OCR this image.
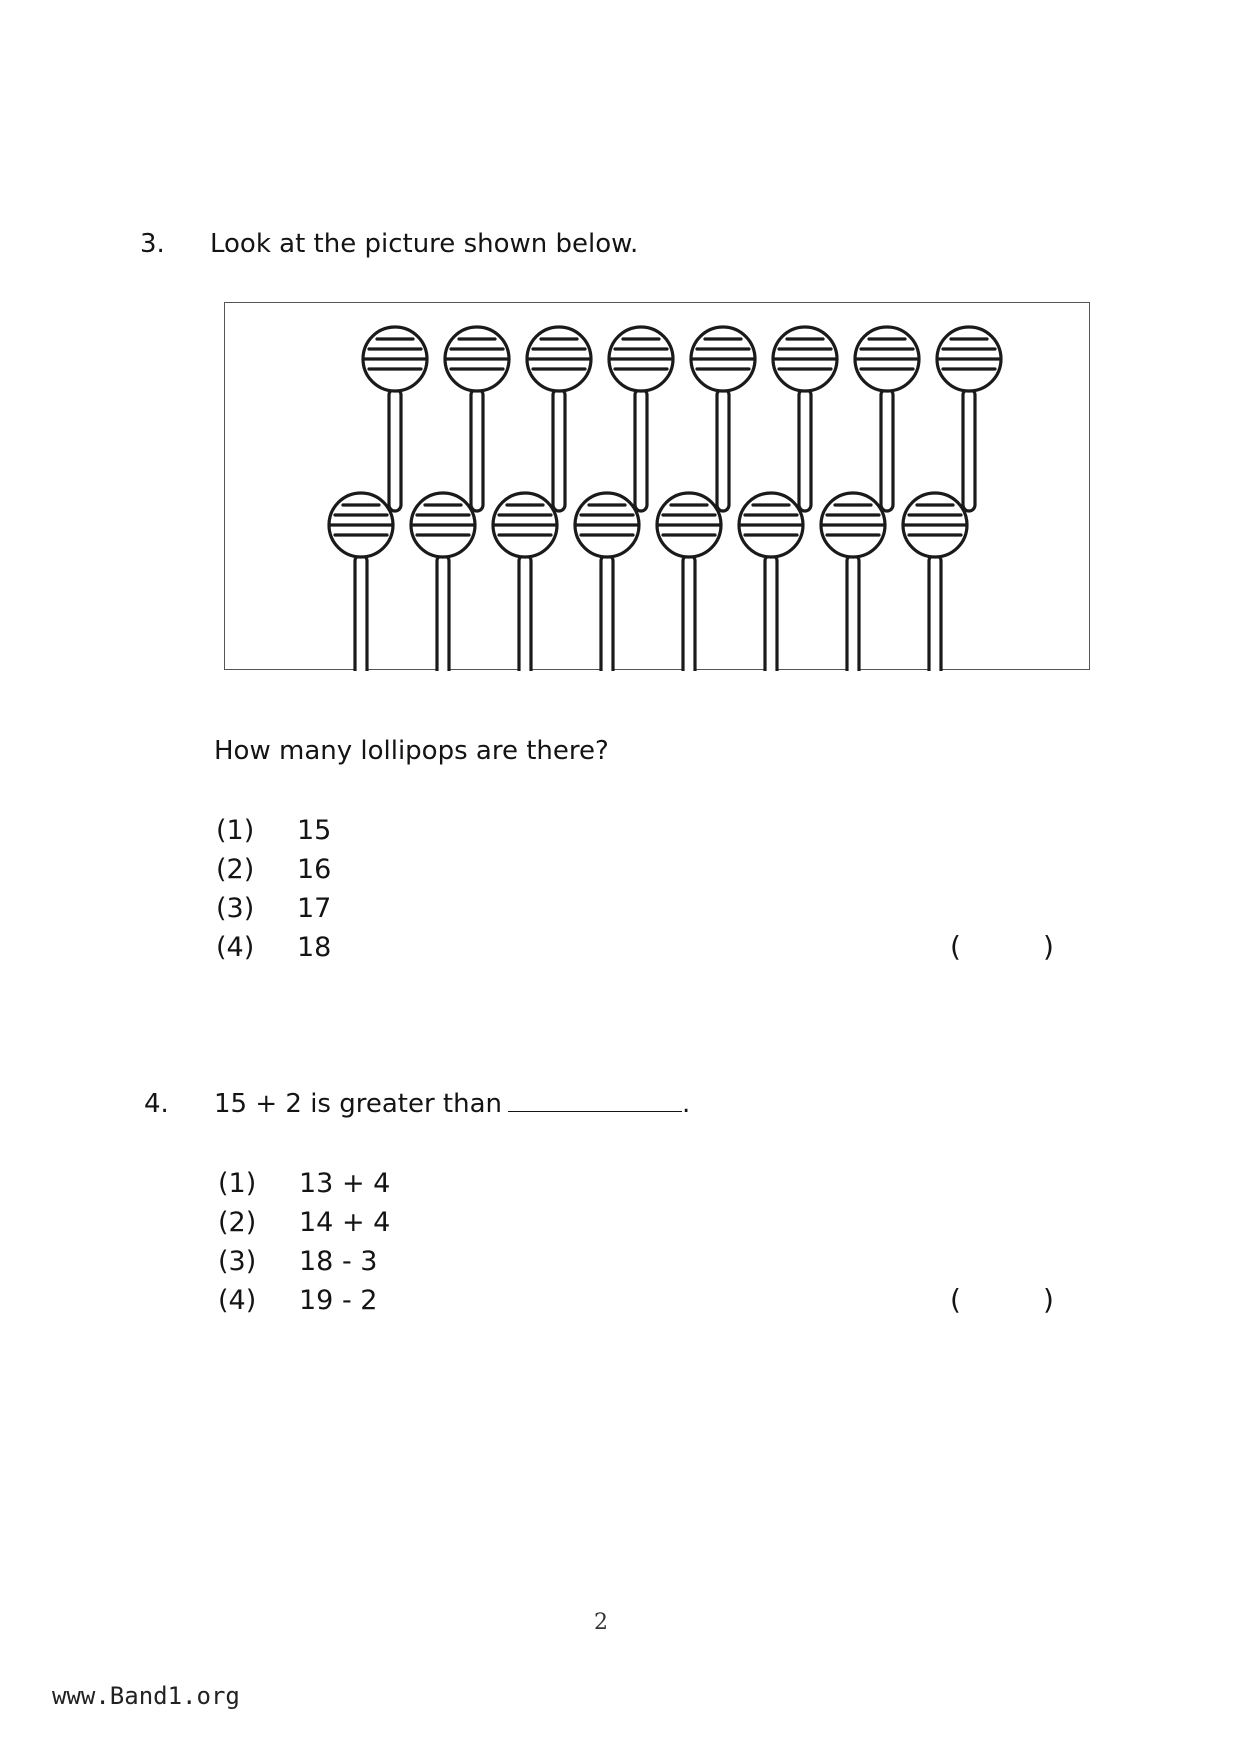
3. Look at the picture shown below.
How many lollipops are there?
(1) 15
(2) 16
(3) 17
(4) 18	(	)
4. 15 + 2 is greater than	.
(1) 13 + 4
(2) 14 + 4
(3) 18 - 3
(4) 19 - 2	(	)
2
www.Band1.org
